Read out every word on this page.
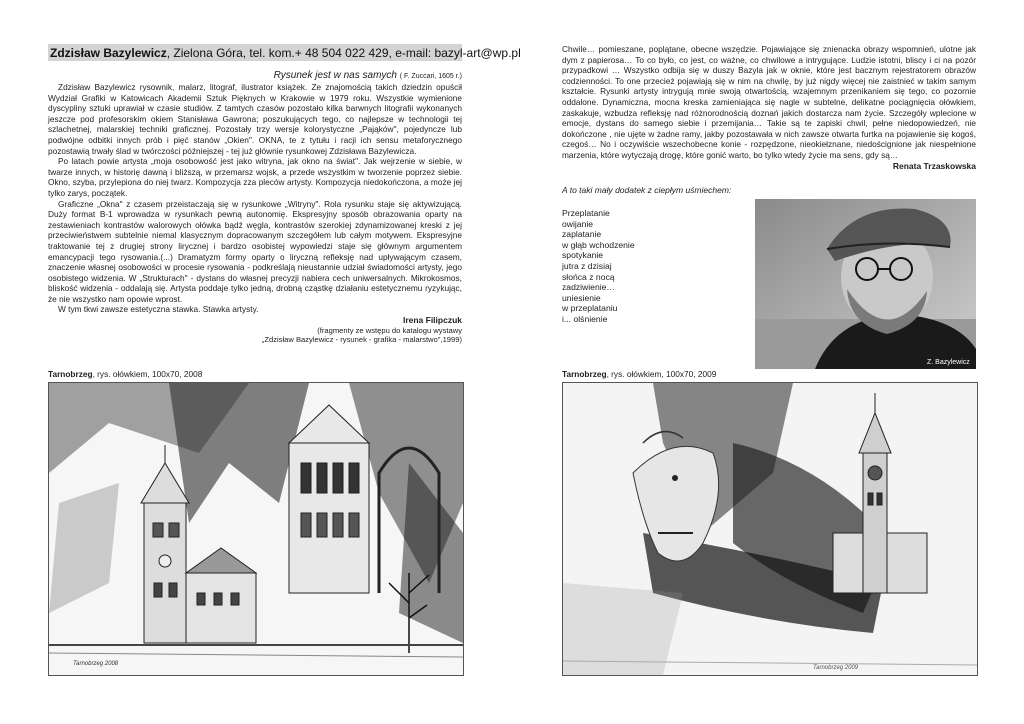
Zdzisław Bazylewicz, Zielona Góra, tel. kom.+ 48 504 022 429, e-mail: bazyl-art@wp.pl
Rysunek jest w nas samych ( F. Zuccari, 1605 r.)

Zdzisław Bazylewicz rysownik, malarz, litograf, ilustrator książek. Ze znajomością takich dziedzin opuścił Wydział Grafiki w Katowicach Akademii Sztuk Pięknych w Krakowie w 1979 roku. Wszystkie wymienione dyscypliny sztuki uprawiał w czasie studiów. Z tamtych czasów pozostało kilka barwnych litografii wykonanych jeszcze pod profesorskim okiem Stanisława Gawrona; poszukujących tego, co najlepsze w technologii tej szlachetnej, malarskiej techniki graficznej. Pozostały trzy wersje kolorystyczne „Pająków", pojedyncze lub podwójne odbitki innych prób i pięć stanów „Okien". OKNA, te z tytułu i racji ich sensu metaforycznego pozostawią trwały ślad w twórczości późniejszej - tej już głównie rysunkowej Zdzisława Bazylewicza.

Po latach powie artysta „moja osobowość jest jako witryna, jak okno na świat". Jak wejrzenie w siebie, w twarze innych, w historię dawną i bliższą, w przemarsz wojsk, a przede wszystkim w tworzenie poprzez siebie. Okno, szyba, przylepiona do niej twarz. Kompozycja zza pleców artysty. Kompozycja niedokończona, a może jej tylko zarys, początek.

Graficzne „Okna" z czasem przeistaczają się w rysunkowe „Witryny". Rola rysunku staje się aktywizującą. Duży format B-1 wprowadza w rysunkach pewną autonomię. Ekspresyjny sposób obrazowania oparty na zestawieniach kontrastów walorowych ołówka bądź węgla, kontrastów szerokiej zdynamizowanej kreski z jej przeciwieństwem subtelnie niemal klasycznym dopracowanym szczegółem lub całym motywem. Ekspresyjne traktowanie tej z drugiej strony lirycznej i bardzo osobistej wypowiedzi staje się głównym argumentem emancypacji tego rysowania.(...) Dramatyzm formy oparty o liryczną refleksję nad upływającym czasem, znaczenie własnej osobowości w procesie rysowania - podkreślają nieustannie udział świadomości artysty, jego osobistego widzenia. W „Strukturach" - dystans do własnej precyzji nabiera cech uniwersalnych. Mikrokosmos, bliskość widzenia - oddalają się. Artysta poddaje tylko jedną, drobną cząstkę działaniu estetycznemu ryzykując, że nie wszystko nam opowie wprost.

W tym tkwi zawsze estetyczna stawka. Stawka artysty.

Irena Filipczuk
(fragmenty ze wstępu do katalogu wystawy
„Zdzisław Bazylewicz - rysunek - grafika - malarstwo",1999)
Tarnobrzeg, rys. ołówkiem, 100x70, 2008
Tarnobrzeg 2008

Chwile… pomieszane, poplątane, obecne wszędzie. Pojawiające się znienacka obrazy wspomnień, ulotne jak dym z papierosa… To co było, co jest, co ważne, co chwilowe a intrygujące. Ludzie istotni, bliscy i ci na pozór przypadkowi … Wszystko odbija się w duszy Bazyla jak w oknie, które jest bacznym rejestratorem obrazów codzienności. To one przecież pojawiają się w nim na chwilę, by już nigdy więcej nie zaistnieć w takim samym kształcie. Rysunki artysty intrygują mnie swoją otwartością, wzajemnym przenikaniem się tego, co pozornie oddalone. Dynamiczna, mocna kreska zamieniająca się nagle w subtelne, delikatne pociągnięcia ołówkiem, zaskakuje, wzbudza refleksję nad różnorodnością doznań jakich dostarcza nam życie. Szczegóły wplecione w emocje, dystans do samego siebie i przemijania… Takie są te zapiski chwil, pełne niedopowiedzeń, nie dokończone , nie ujęte w żadne ramy, jakby pozostawała w nich zawsze otwarta furtka na pojawienie się kogoś, czegoś… No i oczywiście wszechobecne konie - rozpędzone, nieokiełznane, niedoścignione jak niespełnione marzenia, które wytyczają drogę, które gonić warto, bo tylko wtedy życie ma sens, gdy są…

Renata Trzaskowska
A to taki mały dodatek z ciepłym uśmiechem:
Przeplatanie
owijanie
zaplatanie
w głąb wchodzenie
spotykanie
jutra z dzisiaj
słońca z nocą
zadziwienie…
uniesienie
w przeplataniu
i... olśnienie
Z. Bazylewicz
Tarnobrzeg, rys. ołówkiem, 100x70, 2009
Tarnobrzeg 2009
